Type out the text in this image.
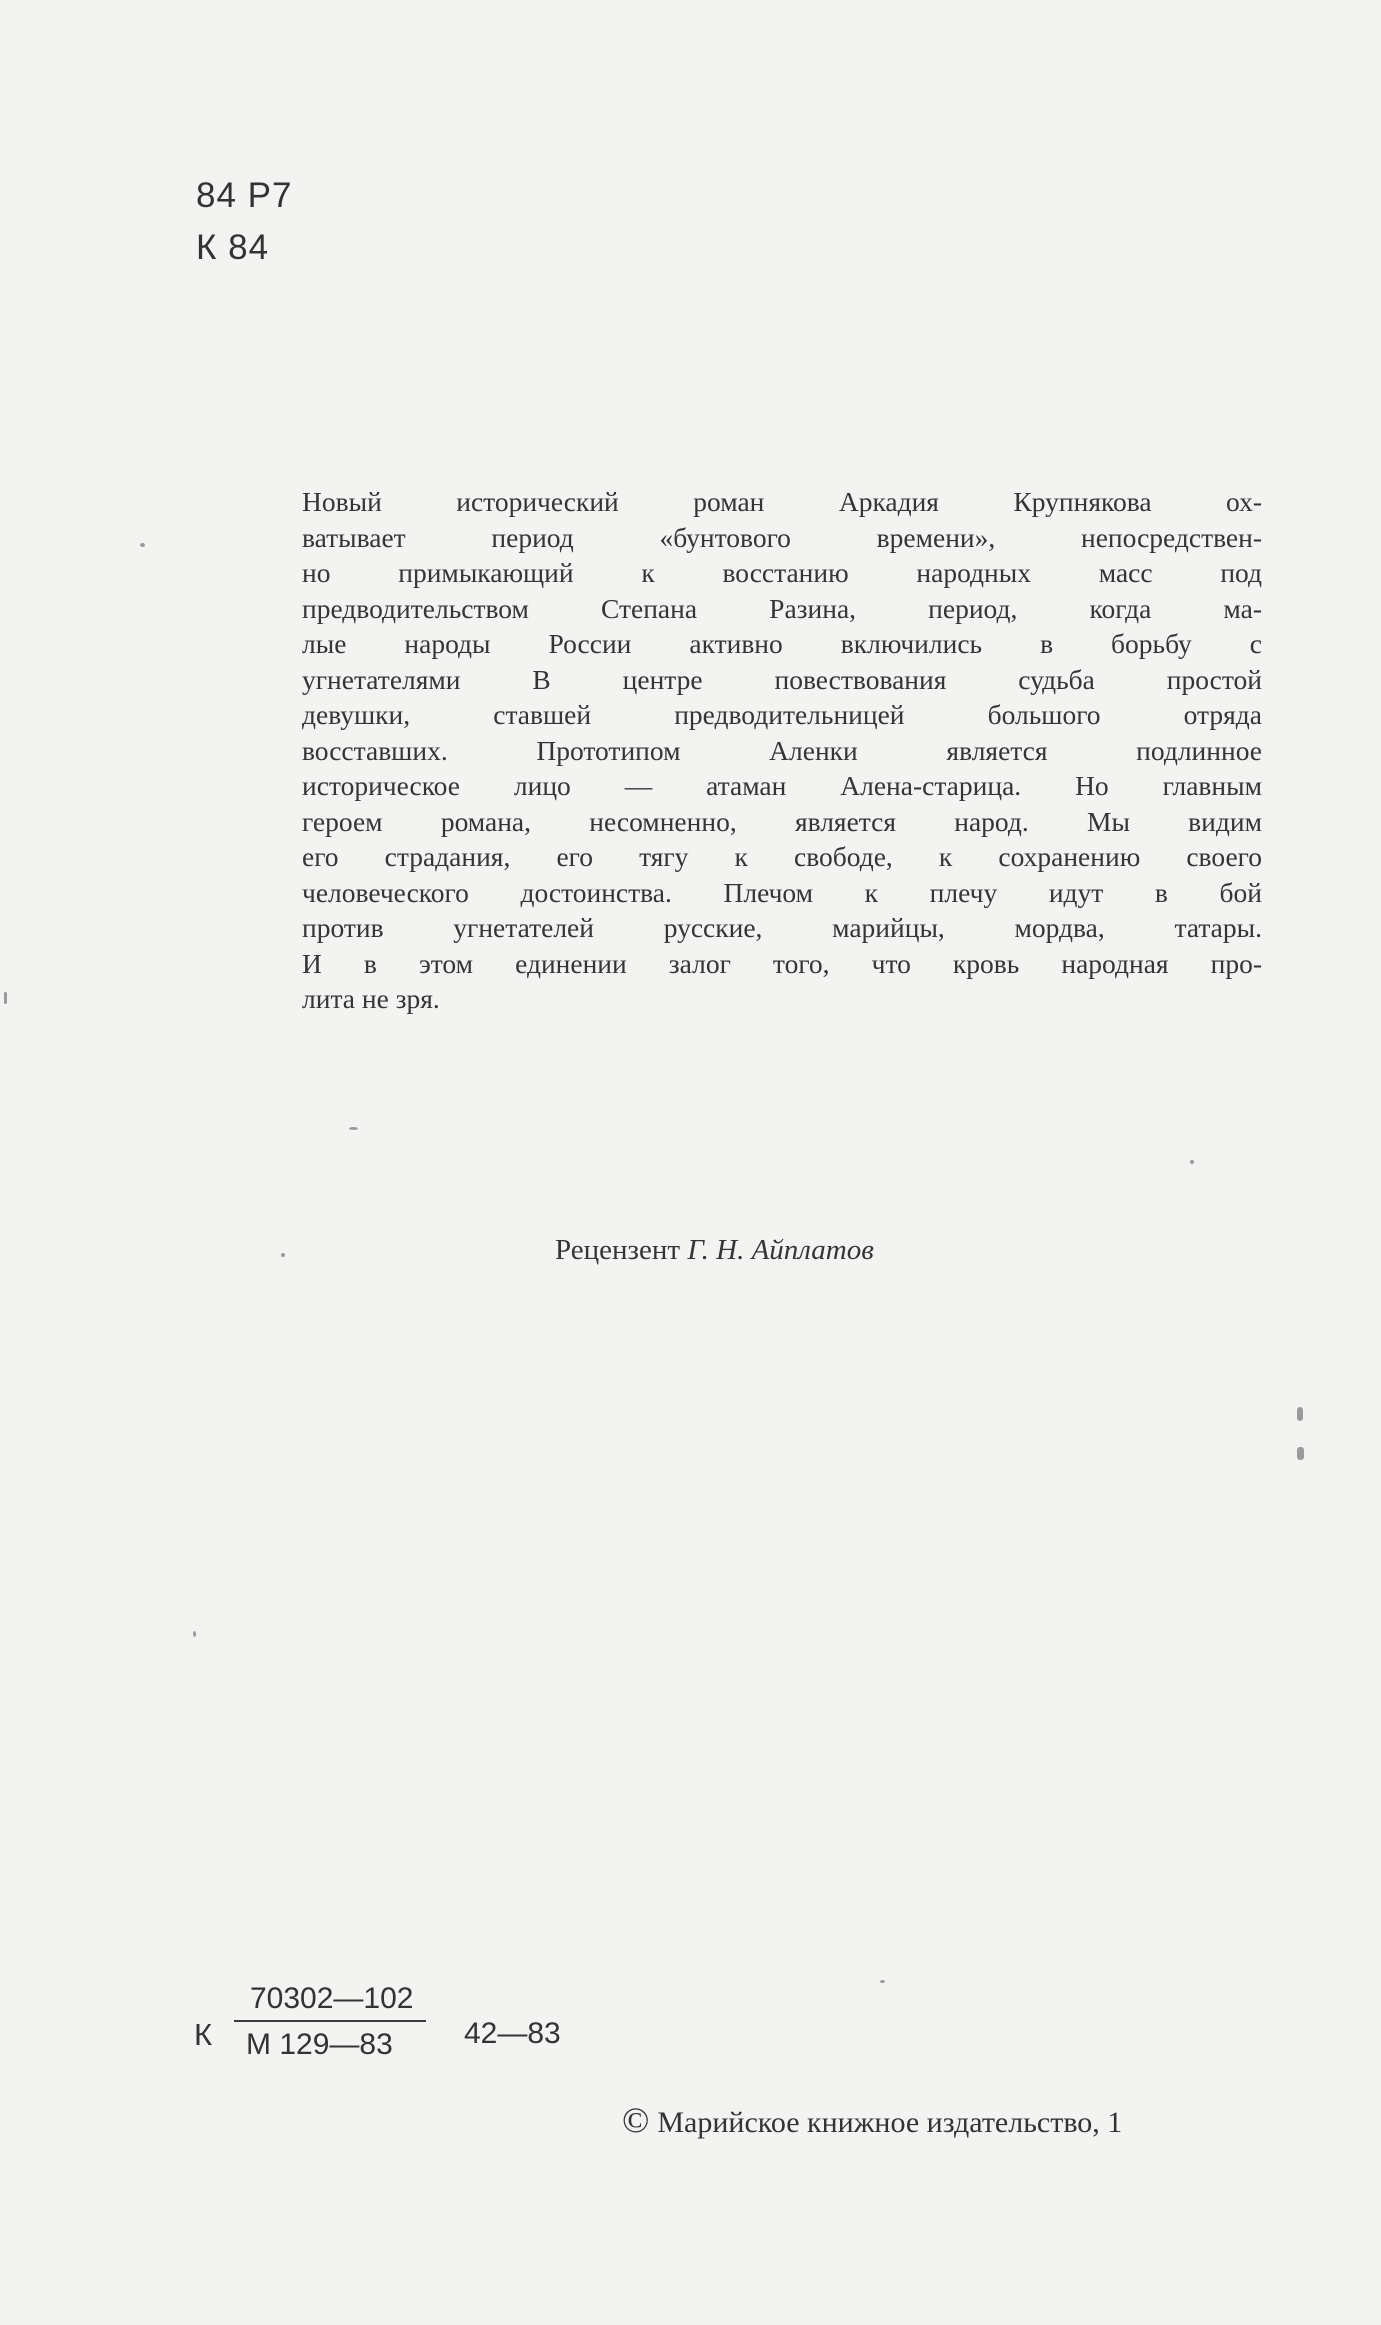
84 Р7
К 84
Новый исторический роман Аркадия Крупнякова ох-
ватывает период «бунтового времени», непосредствен-
но примыкающий к восстанию народных масс под
предводительством Степана Разина, период, когда ма-
лые народы России активно включились в борьбу с
угнетателями В центре повествования судьба простой
девушки, ставшей предводительницей большого отряда
восставших. Прототипом Аленки является подлинное
историческое лицо — атаман Алена-старица. Но главным
героем романа, несомненно, является народ. Мы видим
его страдания, его тягу к свободе, к сохранению своего
человеческого достоинства. Плечом к плечу идут в бой
против угнетателей русские, марийцы, мордва, татары.
И в этом единении залог того, что кровь народная про-
лита не зря.
Рецензент Г. Н. Айплатов
К
70302—102
М 129—83	42—83
© Марийское книжное издательство, 1
